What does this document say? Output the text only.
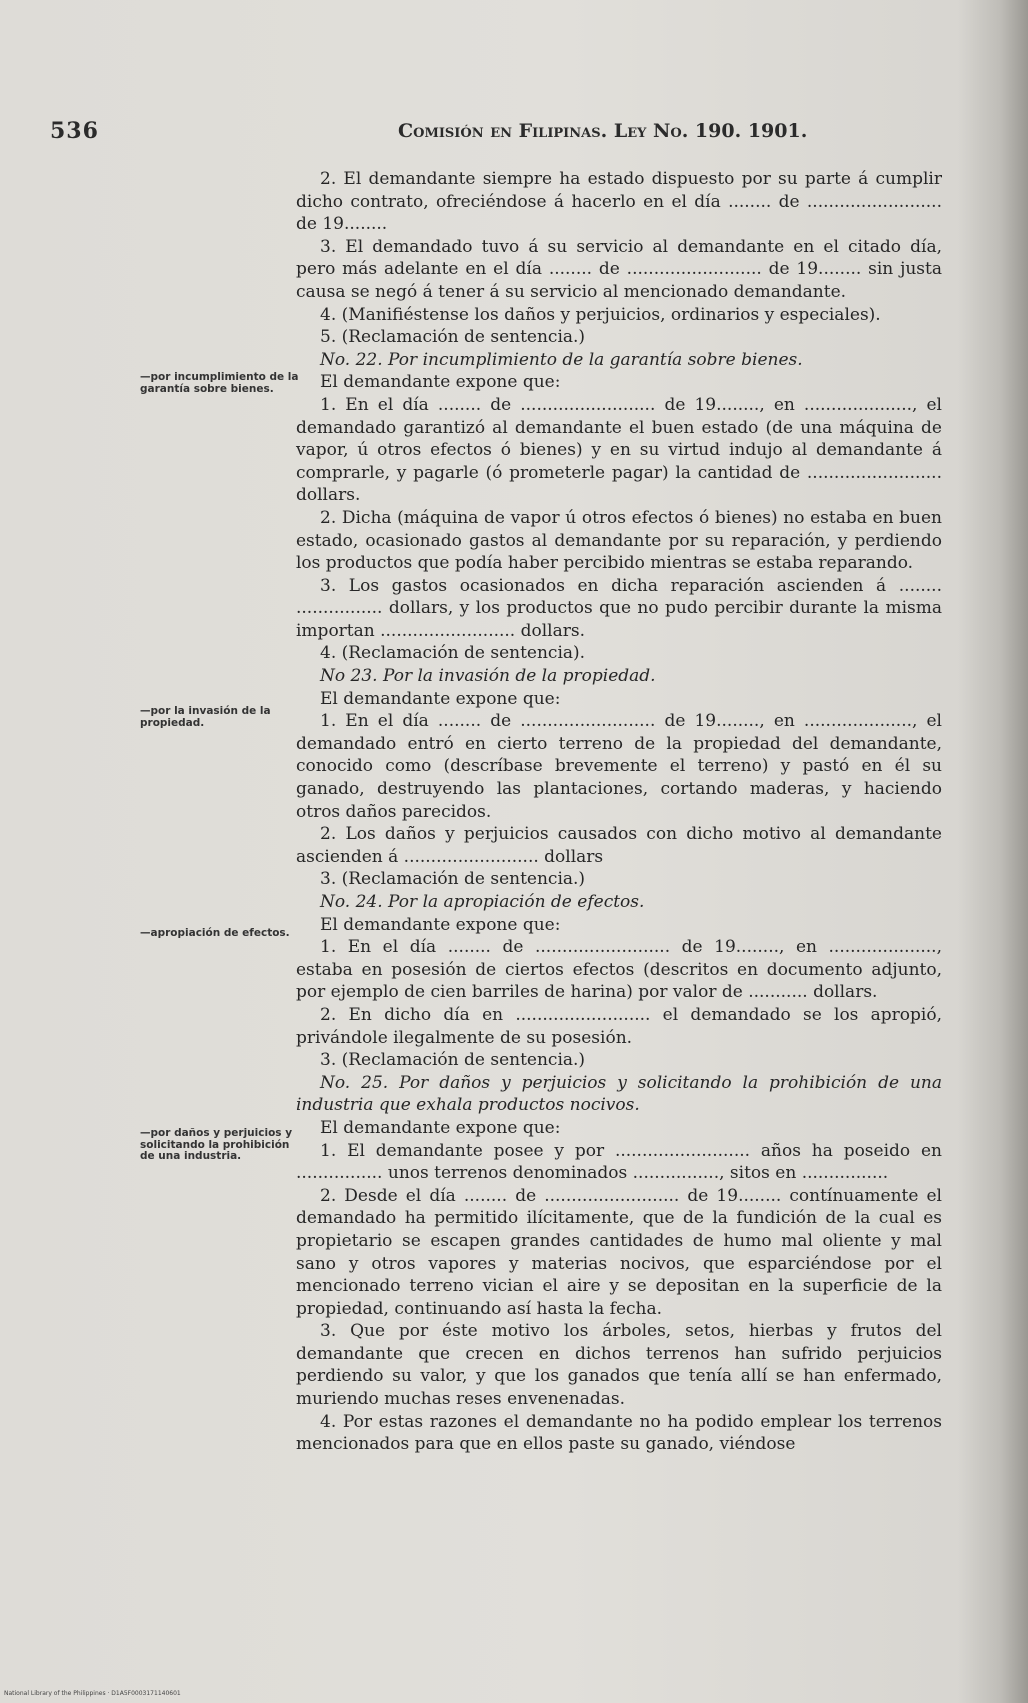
536	Comisión en Filipinas. Ley No. 190. 1901.
—por incumplimiento de la garantía sobre bienes.
—por la invasión de la propiedad.
—apropiación de efectos.
—por daños y perjuicios y solicitando la prohibición de una industria.

2. El demandante siempre ha estado dispuesto por su parte á cumplir dicho contrato, ofreciéndose á hacerlo en el día ........ de ......................... de 19........

3. El demandado tuvo á su servicio al demandante en el citado día, pero más adelante en el día ........ de ......................... de 19........ sin justa causa se negó á tener á su servicio al mencionado demandante.

4. (Manifiéstense los daños y perjuicios, ordinarios y especiales).

5. (Reclamación de sentencia.)

No. 22. Por incumplimiento de la garantía sobre bienes.

El demandante expone que:

1. En el día ........ de ......................... de 19........, en ...................., el demandado garantizó al demandante el buen estado (de una máquina de vapor, ú otros efectos ó bienes) y en su virtud indujo al demandante á comprarle, y pagarle (ó prometerle pagar) la cantidad de ......................... dollars.

2. Dicha (máquina de vapor ú otros efectos ó bienes) no estaba en buen estado, ocasionado gastos al demandante por su reparación, y perdiendo los productos que podía haber percibido mientras se estaba reparando.

3. Los gastos ocasionados en dicha reparación ascienden á ........ ................ dollars, y los productos que no pudo percibir durante la misma importan ......................... dollars.

4. (Reclamación de sentencia).

No 23. Por la invasión de la propiedad.

El demandante expone que:

1. En el día ........ de ......................... de 19........, en ...................., el demandado entró en cierto terreno de la propiedad del demandante, conocido como (descríbase brevemente el terreno) y pastó en él su ganado, destruyendo las plantaciones, cortando maderas, y haciendo otros daños parecidos.

2. Los daños y perjuicios causados con dicho motivo al demandante ascienden á ......................... dollars

3. (Reclamación de sentencia.)

No. 24. Por la apropiación de efectos.

El demandante expone que:

1. En el día ........ de ......................... de 19........, en ...................., estaba en posesión de ciertos efectos (descritos en documento adjunto, por ejemplo de cien barriles de harina) por valor de ........... dollars.

2. En dicho día en ......................... el demandado se los apropió, privándole ilegalmente de su posesión.

3. (Reclamación de sentencia.)

No. 25. Por daños y perjuicios y solicitando la prohibición de una industria que exhala productos nocivos.

El demandante expone que:

1. El demandante posee y por ......................... años ha poseido en ................ unos terrenos denominados ................, sitos en ................

2. Desde el día ........ de ......................... de 19........ contínuamente el demandado ha permitido ilícitamente, que de la fundición de la cual es propietario se escapen grandes cantidades de humo mal oliente y mal sano y otros vapores y materias nocivos, que esparciéndose por el mencionado terreno vician el aire y se depositan en la superficie de la propiedad, continuando así hasta la fecha.

3. Que por éste motivo los árboles, setos, hierbas y frutos del demandante que crecen en dichos terrenos han sufrido perjuicios perdiendo su valor, y que los ganados que tenía allí se han enfermado, muriendo muchas reses envenenadas.

4. Por estas razones el demandante no ha podido emplear los terrenos mencionados para que en ellos paste su ganado, viéndose

National Library of the Philippines · D1A5F0003171140601
